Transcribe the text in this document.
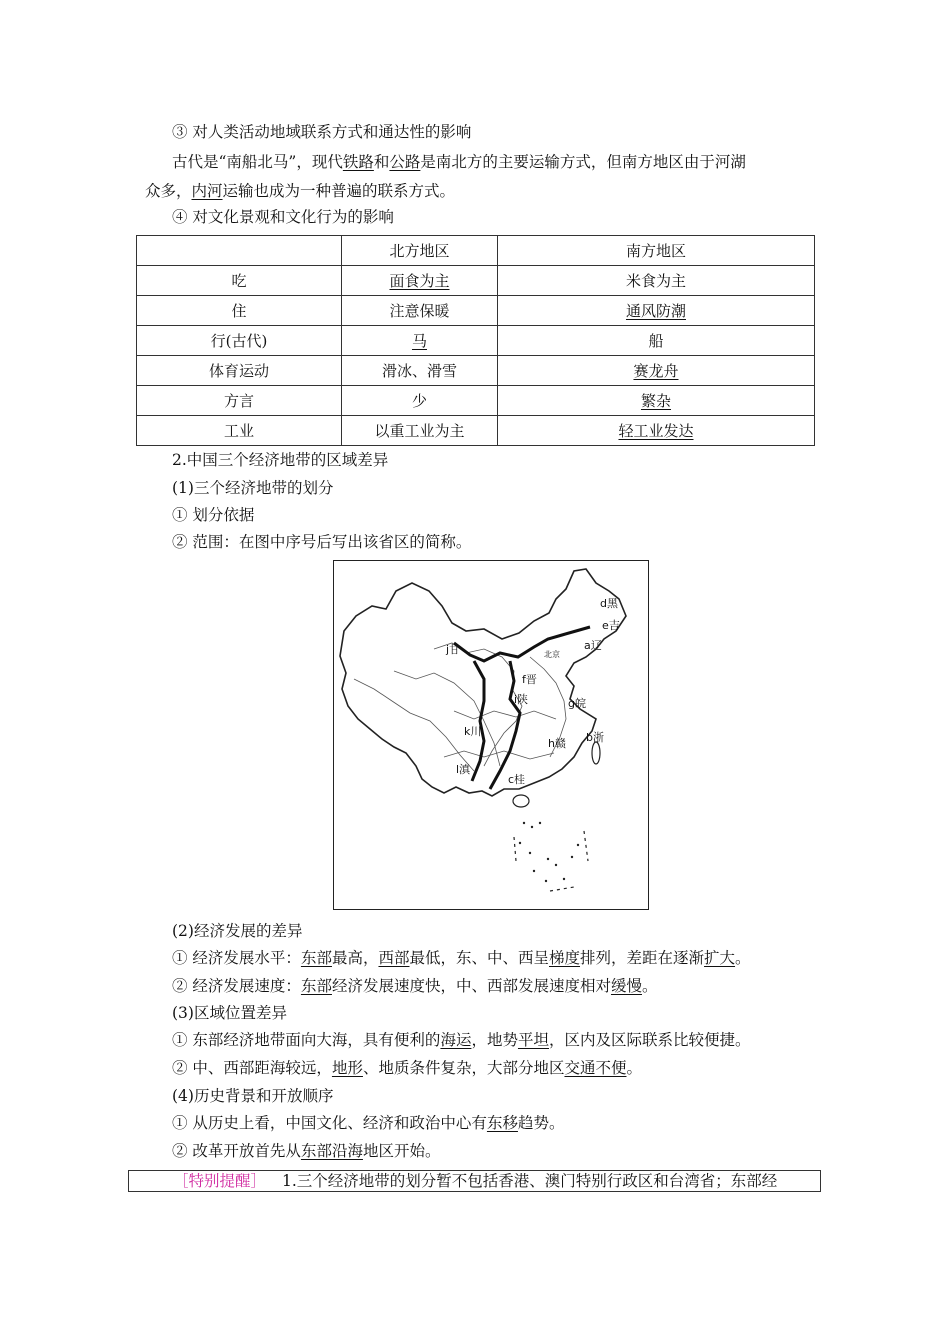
③ 对人类活动地域联系方式和通达性的影响
古代是“南船北马”，现代铁路和公路是南北方的主要运输方式，但南方地区由于河湖
众多，内河运输也成为一种普遍的联系方式。
④ 对文化景观和文化行为的影响
	北方地区	南方地区
吃	面食为主	米食为主
住	注意保暖	通风防潮
行(古代)	马	船
体育运动	滑冰、滑雪	赛龙舟
方言	少	繁杂
工业	以重工业为主	轻工业发达
2.中国三个经济地带的区域差异
(1)三个经济地带的划分
① 划分依据
② 范围：在图中序号后写出该省区的简称。
d黑
e吉
a辽
北京
j甘
f晋
i陕	g皖
b浙
k川
h赣
l滇
c桂
(2)经济发展的差异
① 经济发展水平：东部最高，西部最低，东、中、西呈梯度排列，差距在逐渐扩大。
② 经济发展速度：东部经济发展速度快，中、西部发展速度相对缓慢。
(3)区域位置差异
① 东部经济地带面向大海，具有便利的海运，地势平坦，区内及区际联系比较便捷。
② 中、西部距海较远，地形、地质条件复杂，大部分地区交通不便。
(4)历史背景和开放顺序
① 从历史上看，中国文化、经济和政治中心有东移趋势。
② 改革开放首先从东部沿海地区开始。
［特别提醒］ 1.三个经济地带的划分暂不包括香港、澳门特别行政区和台湾省；东部经
